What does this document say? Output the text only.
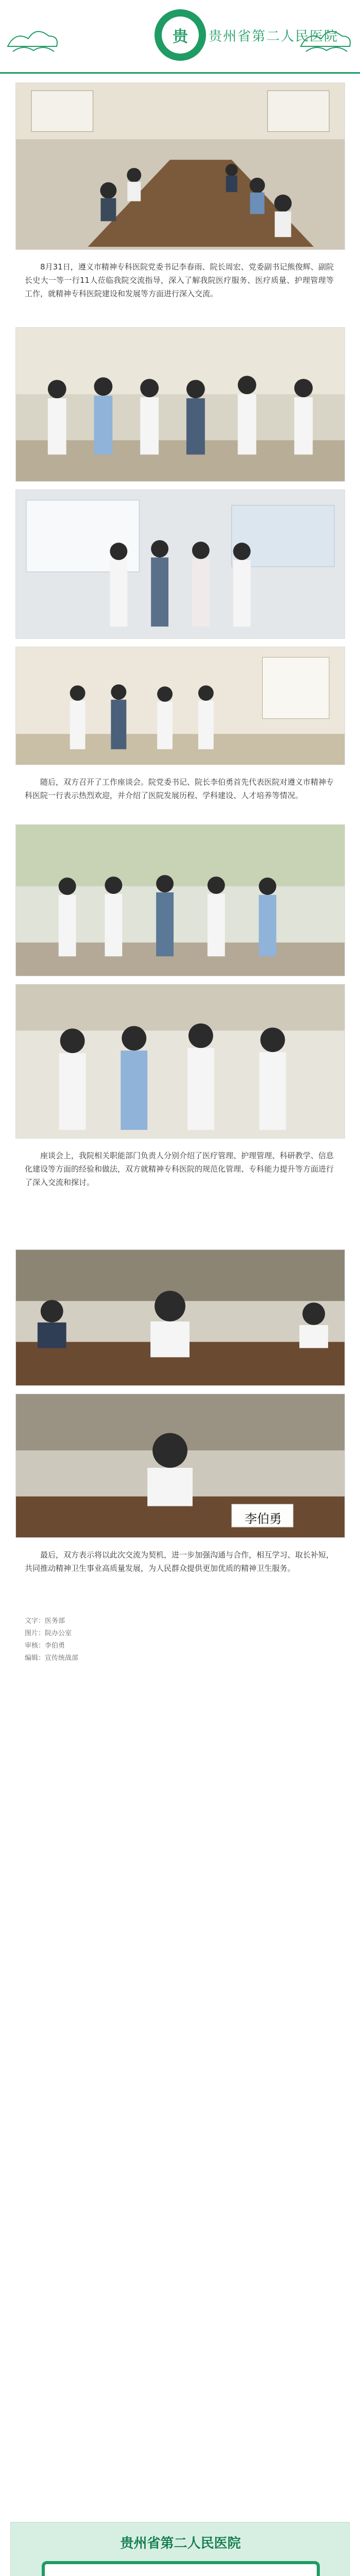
贵	贵州省第二人民医院
8月31日，遵义市精神专科医院党委书记李春雨、院长周宏、党委副书记熊俊辉、副院长史大一等一行11人莅临我院交流指导，深入了解我院医疗服务、医疗质量、护理管理等工作，就精神专科医院建设和发展等方面进行深入交流。
随后，双方召开了工作座谈会。院党委书记、院长李伯勇首先代表医院对遵义市精神专科医院一行表示热烈欢迎，并介绍了医院发展历程、学科建设、人才培养等情况。
座谈会上，我院相关职能部门负责人分别介绍了医疗管理、护理管理、科研教学、信息化建设等方面的经验和做法，双方就精神专科医院的规范化管理、专科能力提升等方面进行了深入交流和探讨。
李伯勇
最后，双方表示将以此次交流为契机，进一步加强沟通与合作，相互学习、取长补短，共同推动精神卫生事业高质量发展，为人民群众提供更加优质的精神卫生服务。
文字：医务部
图片：院办公室
审核：李伯勇
编辑：宣传统战部
贵州省第二人民医院
